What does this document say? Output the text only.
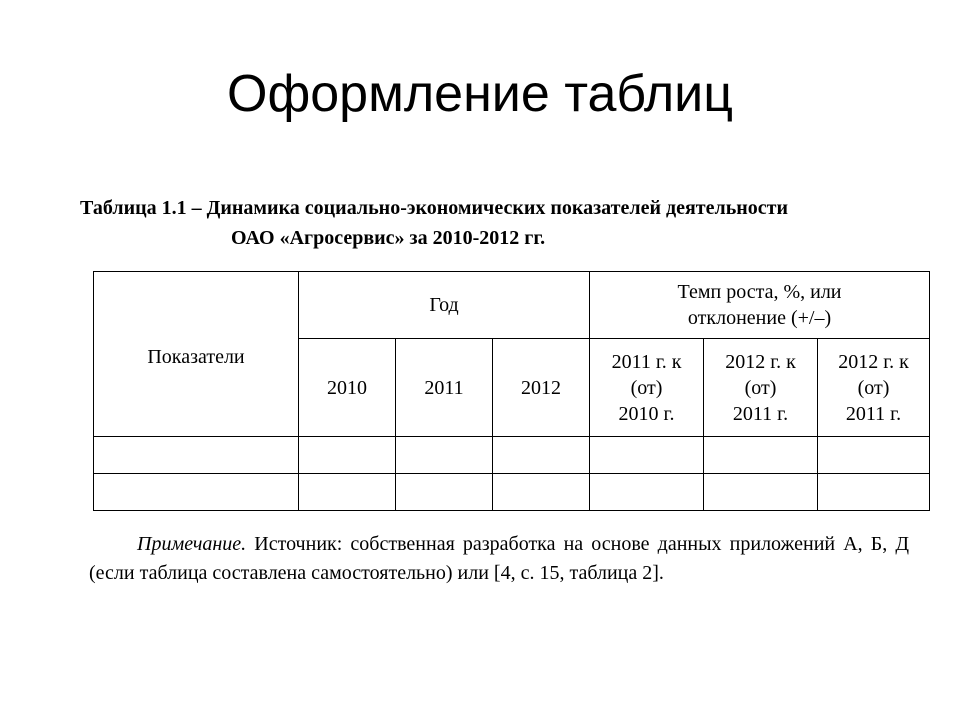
Оформление таблиц
Таблица 1.1 – Динамика социально-экономических показателей деятельности
ОАО «Агросервис» за 2010-2012 гг.
Показатели	Год			Темп роста, %, или отклонение (+/–)		

	2010	2011	2012	2011 г. к (от) 2010 г.	2012 г. к (от) 2011 г.	2012 г. к (от) 2011 г.

Примечание. Источник: собственная разработка на основе данных приложений А, Б, Д (если таблица составлена самостоятельно) или [4, с. 15, таблица 2].
